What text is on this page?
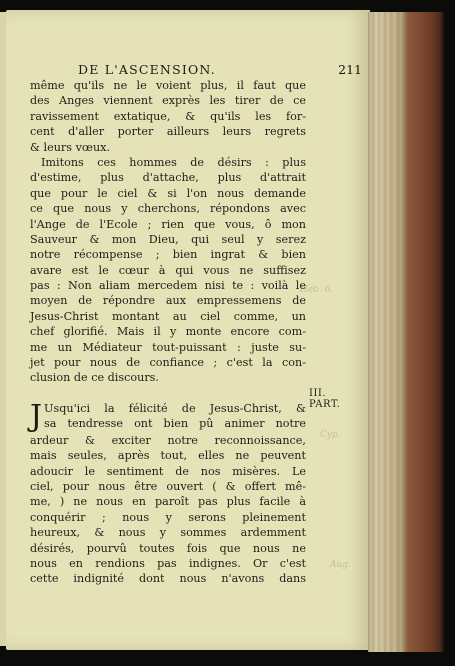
Heb. 6.
Cyp.
Aug.
DE L'ASCENSION.	211
même qu'ils ne le voient plus, il faut que
des Anges viennent exprès les tirer de ce
ravissement extatique, & qu'ils les for-
cent d'aller porter ailleurs leurs regrets
& leurs vœux.
Imitons ces hommes de désirs : plus
d'estime, plus d'attache, plus d'attrait
que pour le ciel & si l'on nous demande
ce que nous y cherchons, répondons avec
l'Ange de l'Ecole ; rien que vous, ô mon
Sauveur & mon Dieu, qui seul y serez
notre récompense ; bien ingrat & bien
avare est le cœur à qui vous ne suffisez
pas : Non aliam mercedem nisi te : voilà le
moyen de répondre aux empressemens de
Jesus-Christ montant au ciel comme, un
chef glorifié. Mais il y monte encore com-
me un Médiateur tout-puissant : juste su-
jet pour nous de confiance ; c'est la con-
clusion de ce discours.
J Usqu'ici la félicité de Jesus-Christ, &
sa tendresse ont bien pû animer notre
ardeur & exciter notre reconnoissance,
mais seules, après tout, elles ne peuvent
adoucir le sentiment de nos misères. Le
ciel, pour nous être ouvert ( & offert mê-
me, ) ne nous en paroît pas plus facile à
conquérir ; nous y serons pleinement
heureux, & nous y sommes ardemment
désirés, pourvû toutes fois que nous ne
nous en rendions pas indignes. Or c'est
cette indignité dont nous n'avons dans
III.
PART.
